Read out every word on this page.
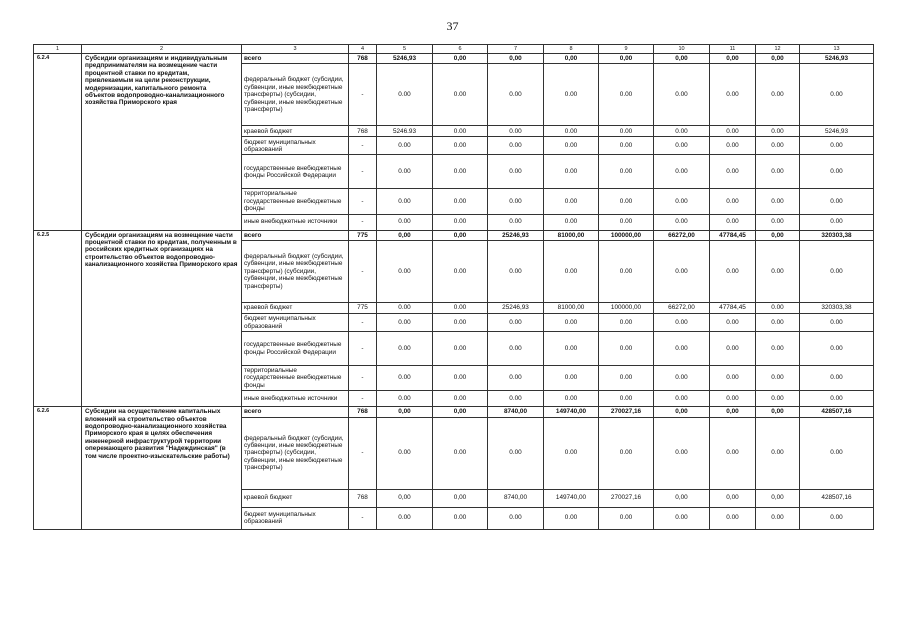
37
1	2	3	4	5	6	7	8	9	10	11	12	13
6.2.4	Субсидии организациям и индивидуальным предпринимателям на возмещение части процентной ставки по кредитам, привлекаемым на цели реконструкции, модернизации, капитального ремонта объектов водопроводно-канализационного хозяйства Приморского края	всего	768	5246,93	0,00	0,00	0,00	0,00	0,00	0,00	0,00	5246,93
		федеральный бюджет (субсидии, субвенции, иные межбюджетные трансферты) (субсидии, субвенции, иные межбюджетные трансферты)	-	0.00	0.00	0.00	0.00	0.00	0.00	0.00	0.00	0.00
		краевой бюджет	768	5246.93	0.00	0.00	0.00	0.00	0.00	0.00	0.00	5246,93
		бюджет муниципальных образований	-	0.00	0.00	0.00	0.00	0.00	0.00	0.00	0.00	0.00
		государственные внебюджетные фонды Российской Федерации	-	0.00	0.00	0.00	0.00	0.00	0.00	0.00	0.00	0.00
		территориальные государственные внебюджетные фонды	-	0.00	0.00	0.00	0.00	0.00	0.00	0.00	0.00	0.00
		иные внебюджетные источники	-	0.00	0.00	0.00	0.00	0.00	0.00	0.00	0.00	0.00
6.2.5	Субсидии организациям на возмещение части процентной ставки по кредитам, полученным в российских кредитных организациях на строительство объектов водопроводно-канализационного хозяйства Приморского края	всего	775	0,00	0,00	25246,93	81000,00	100000,00	66272,00	47784,45	0,00	320303,38
		федеральный бюджет (субсидии, субвенции, иные межбюджетные трансферты) (субсидии, субвенции, иные межбюджетные трансферты)	-	0.00	0.00	0.00	0.00	0.00	0.00	0.00	0.00	0.00
		краевой бюджет	775	0.00	0.00	25246,93	81000,00	100000,00	66272,00	47784,45	0.00	320303,38
		бюджет муниципальных образований	-	0.00	0.00	0.00	0.00	0.00	0.00	0.00	0.00	0.00
		государственные внебюджетные фонды Российской Федерации	-	0.00	0.00	0.00	0.00	0.00	0.00	0.00	0.00	0.00
		территориальные государственные внебюджетные фонды	-	0.00	0.00	0.00	0.00	0.00	0.00	0.00	0.00	0.00
		иные внебюджетные источники	-	0.00	0.00	0.00	0.00	0.00	0.00	0.00	0.00	0.00
6.2.6	Субсидии на осуществление капитальных вложений на строительство объектов водопроводно-канализационного хозяйства Приморского края в целях обеспечения инженерной инфраструктурой территории опережающего развития "Надеждинская" (в том числе проектно-изыскательские работы)	всего	768	0,00	0,00	8740,00	149740,00	270027,16	0,00	0,00	0,00	428507,16
		федеральный бюджет (субсидии, субвенции, иные межбюджетные трансферты) (субсидии, субвенции, иные межбюджетные трансферты)	-	0.00	0.00	0.00	0.00	0.00	0.00	0.00	0.00	0.00
		краевой бюджет	768	0,00	0,00	8740,00	149740,00	270027,16	0,00	0,00	0,00	428507,16
		бюджет муниципальных образований	-	0.00	0.00	0.00	0.00	0.00	0.00	0.00	0.00	0.00
